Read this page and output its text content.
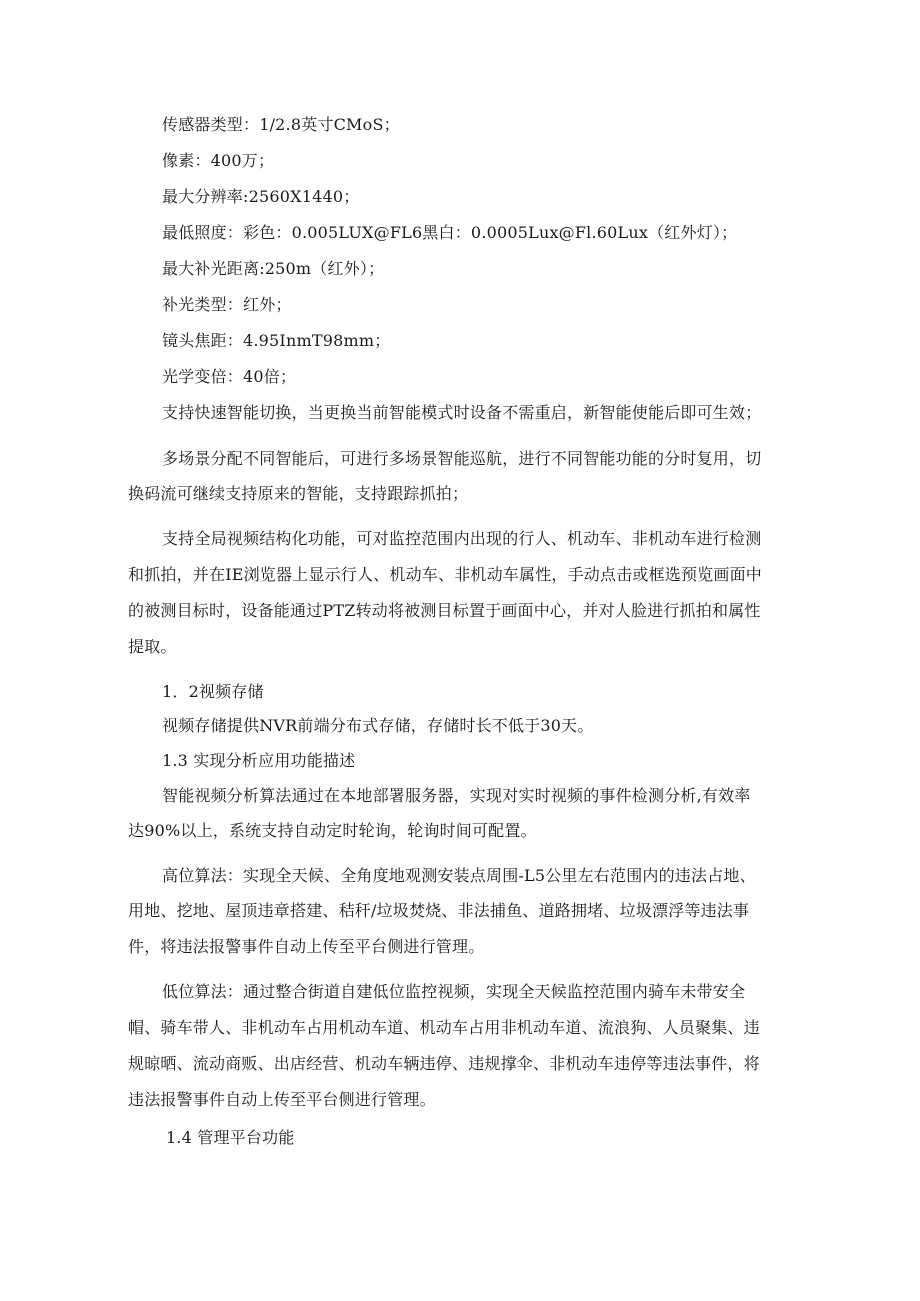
传感器类型：1/2.8英寸CMoS；
像素：400万；
最大分辨率:2560X1440；
最低照度：彩色：0.005LUX@FL6黑白：0.0005Lux@Fl.60Lux（红外灯）；
最大补光距离:250m（红外）；
补光类型：红外；
镜头焦距：4.95InmT98mm；
光学变倍：40倍；
支持快速智能切换，当更换当前智能模式时设备不需重启，新智能使能后即可生效；
多场景分配不同智能后，可进行多场景智能巡航，进行不同智能功能的分时复用，切
换码流可继续支持原来的智能，支持跟踪抓拍；
支持全局视频结构化功能，可对监控范围内出现的行人、机动车、非机动车进行检测
和抓拍，并在IE浏览器上显示行人、机动车、非机动车属性，手动点击或框选预览画面中
的被测目标时，设备能通过PTZ转动将被测目标置于画面中心，并对人脸进行抓拍和属性
提取。
1．2视频存储
视频存储提供NVR前端分布式存储，存储时长不低于30天。
1.3 实现分析应用功能描述
智能视频分析算法通过在本地部署服务器，实现对实时视频的事件检测分析,有效率
达90%以上，系统支持自动定时轮询，轮询时间可配置。
高位算法：实现全天候、全角度地观测安装点周围-L5公里左右范围内的违法占地、
用地、挖地、屋顶违章搭建、秸秆/垃圾焚烧、非法捕鱼、道路拥堵、垃圾漂浮等违法事
件，将违法报警事件自动上传至平台侧进行管理。
低位算法：通过整合街道自建低位监控视频，实现全天候监控范围内骑车未带安全
帽、骑车带人、非机动车占用机动车道、机动车占用非机动车道、流浪狗、人员聚集、违
规晾晒、流动商贩、出店经营、机动车辆违停、违规撑伞、非机动车违停等违法事件，将
违法报警事件自动上传至平台侧进行管理。
1.4 管理平台功能
